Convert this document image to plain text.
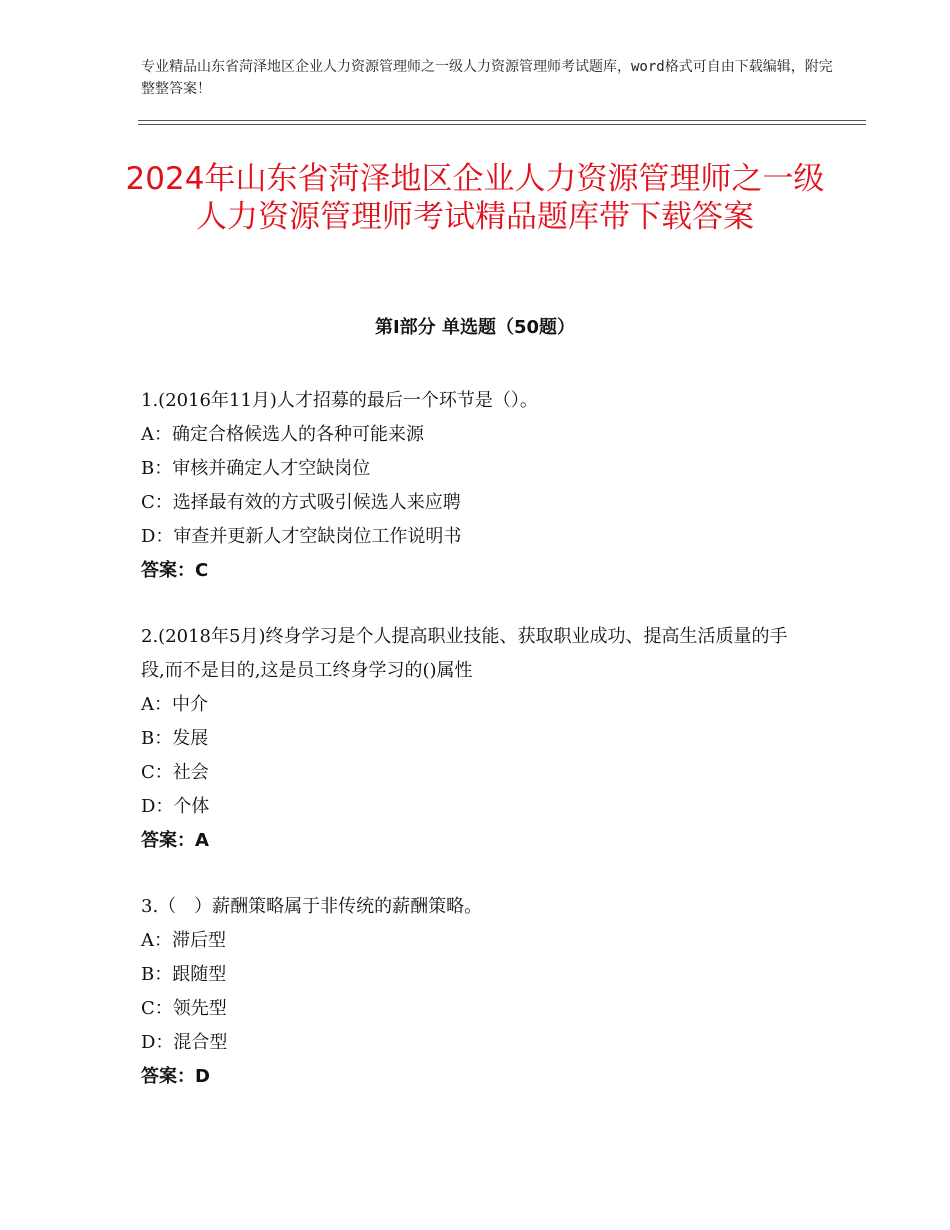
专业精品山东省菏泽地区企业人力资源管理师之一级人力资源管理师考试题库，word格式可自由下载编辑，附完整整答案！
2024年山东省菏泽地区企业人力资源管理师之一级人力资源管理师考试精品题库带下载答案
第Ⅰ部分 单选题（50题）
1.(2016年11月)人才招募的最后一个环节是（）。
A：确定合格候选人的各种可能来源
B：审核并确定人才空缺岗位
C：选择最有效的方式吸引候选人来应聘
D：审查并更新人才空缺岗位工作说明书
答案：C
2.(2018年5月)终身学习是个人提高职业技能、获取职业成功、提高生活质量的手段,而不是目的,这是员工终身学习的()属性
A：中介
B：发展
C：社会
D：个体
答案：A
3.（　）薪酬策略属于非传统的薪酬策略。
A：滞后型
B：跟随型
C：领先型
D：混合型
答案：D
